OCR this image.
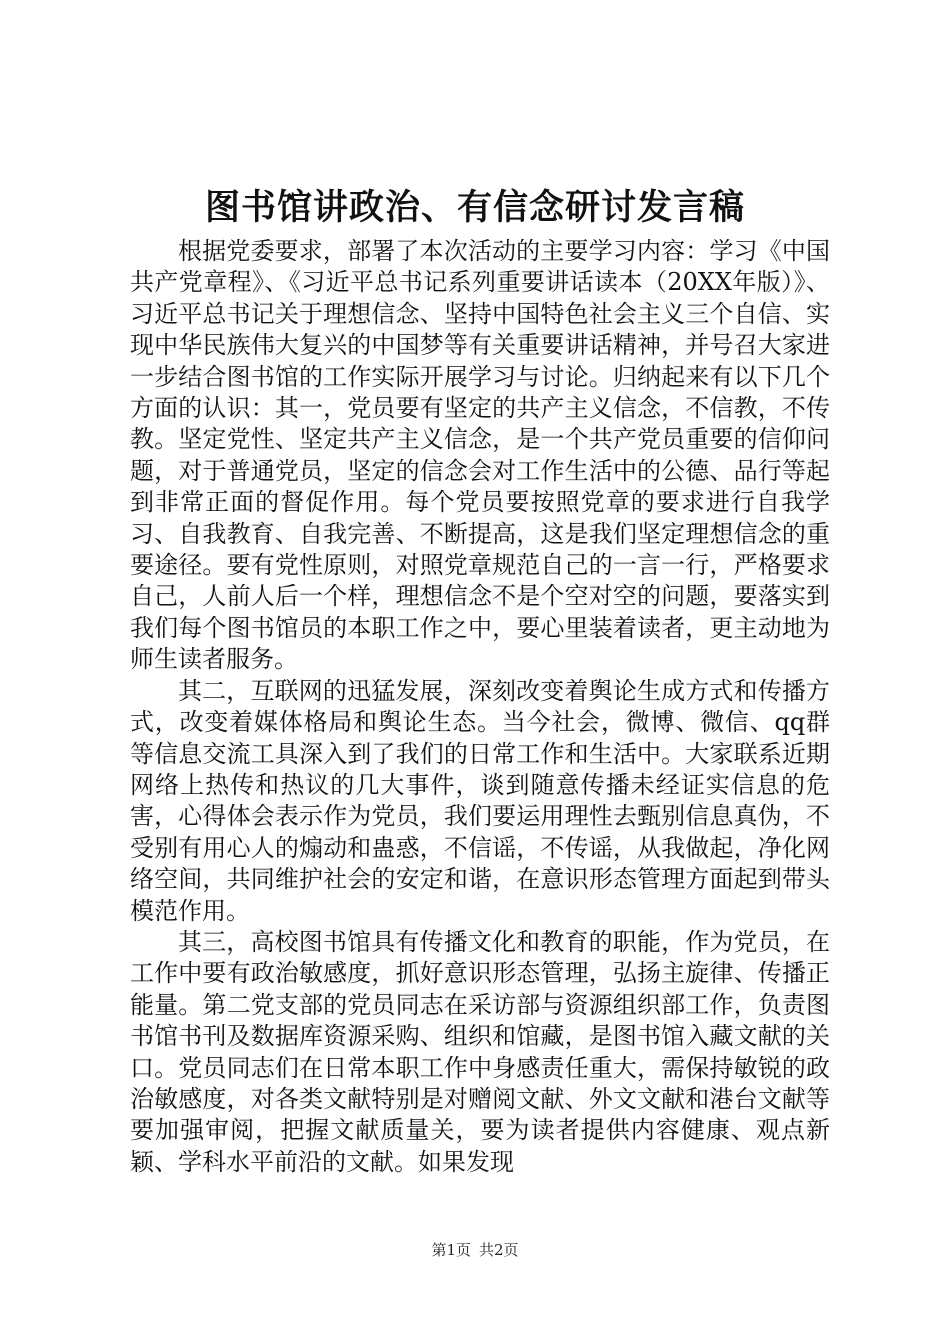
图书馆讲政治、有信念研讨发言稿

根据党委要求，部署了本次活动的主要学习内容：学习《中国共产党章程》、《习近平总书记系列重要讲话读本（20XX年版）》、习近平总书记关于理想信念、坚持中国特色社会主义三个自信、实现中华民族伟大复兴的中国梦等有关重要讲话精神，并号召大家进一步结合图书馆的工作实际开展学习与讨论。归纳起来有以下几个方面的认识：其一，党员要有坚定的共产主义信念，不信教，不传教。坚定党性、坚定共产主义信念，是一个共产党员重要的信仰问题，对于普通党员，坚定的信念会对工作生活中的公德、品行等起到非常正面的督促作用。每个党员要按照党章的要求进行自我学习、自我教育、自我完善、不断提高，这是我们坚定理想信念的重要途径。要有党性原则，对照党章规范自己的一言一行，严格要求自己，人前人后一个样，理想信念不是个空对空的问题，要落实到我们每个图书馆员的本职工作之中，要心里装着读者，更主动地为师生读者服务。

其二，互联网的迅猛发展，深刻改变着舆论生成方式和传播方式，改变着媒体格局和舆论生态。当今社会，微博、微信、qq群等信息交流工具深入到了我们的日常工作和生活中。大家联系近期网络上热传和热议的几大事件，谈到随意传播未经证实信息的危害，心得体会表示作为党员，我们要运用理性去甄别信息真伪，不受别有用心人的煽动和蛊惑，不信谣，不传谣，从我做起，净化网络空间，共同维护社会的安定和谐，在意识形态管理方面起到带头模范作用。

其三，高校图书馆具有传播文化和教育的职能，作为党员，在工作中要有政治敏感度，抓好意识形态管理，弘扬主旋律、传播正能量。第二党支部的党员同志在采访部与资源组织部工作，负责图书馆书刊及数据库资源采购、组织和馆藏，是图书馆入藏文献的关口。党员同志们在日常本职工作中身感责任重大，需保持敏锐的政治敏感度，对各类文献特别是对赠阅文献、外文文献和港台文献等要加强审阅，把握文献质量关，要为读者提供内容健康、观点新颖、学科水平前沿的文献。如果发现

第1页 共2页
